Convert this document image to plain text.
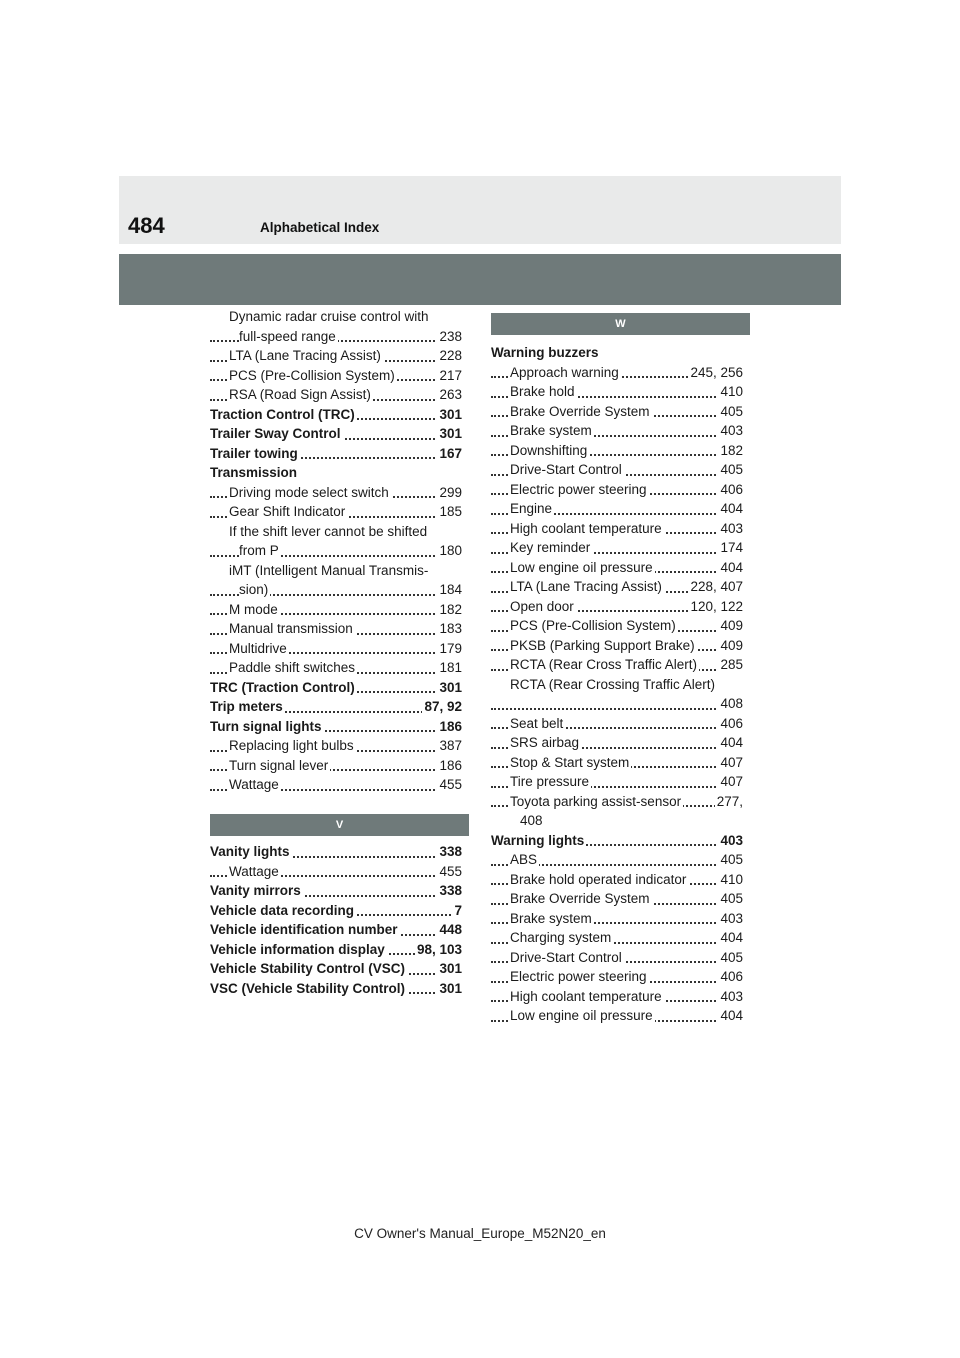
484	Alphabetical Index
Dynamic radar cruise control with
full-speed range	238
LTA (Lane Tracing Assist)	228
PCS (Pre-Collision System)	217
RSA (Road Sign Assist)	263
Traction Control (TRC)	301
Trailer Sway Control	301
Trailer towing	167
Transmission
Driving mode select switch	299
Gear Shift Indicator	185
If the shift lever cannot be shifted
from P	180
iMT (Intelligent Manual Transmis-
sion)	184
M mode	182
Manual transmission	183
Multidrive	179
Paddle shift switches	181
TRC (Traction Control)	301
Trip meters	87, 92
Turn signal lights	186
Replacing light bulbs	387
Turn signal lever	186
Wattage	455
V
Vanity lights	338
Wattage	455
Vanity mirrors	338
Vehicle data recording	7
Vehicle identification number	448
Vehicle information display 98, 103
Vehicle Stability Control (VSC)	301
VSC (Vehicle Stability Control)	301
W
Warning buzzers
Approach warning	245, 256
Brake hold	410
Brake Override System	405
Brake system	403
Downshifting	182
Drive-Start Control	405
Electric power steering	406
Engine	404
High coolant temperature	403
Key reminder	174
Low engine oil pressure	404
LTA (Lane Tracing Assist) 228, 407
Open door	120, 122
PCS (Pre-Collision System)	409
PKSB (Parking Support Brake) 409
RCTA (Rear Cross Traffic Alert) 285
RCTA (Rear Crossing Traffic Alert)
408
Seat belt	406
SRS airbag	404
Stop & Start system	407
Tire pressure	407
Toyota parking assist-sensor	277,
408
Warning lights	403
ABS	405
Brake hold operated indicator	410
Brake Override System	405
Brake system	403
Charging system	404
Drive-Start Control	405
Electric power steering	406
High coolant temperature	403
Low engine oil pressure	404
CV Owner's Manual_Europe_M52N20_en
